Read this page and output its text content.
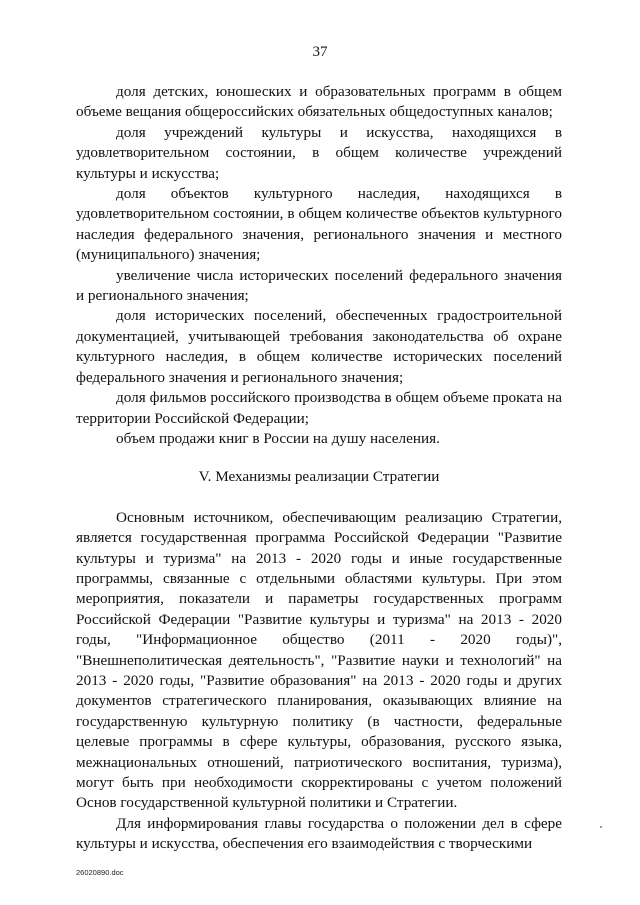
37

доля детских, юношеских и образовательных программ в общем объеме вещания общероссийских обязательных общедоступных каналов;

доля учреждений культуры и искусства, находящихся в удовлетворительном состоянии, в общем количестве учреждений культуры и искусства;

доля объектов культурного наследия, находящихся в удовлетворительном состоянии, в общем количестве объектов культурного наследия федерального значения, регионального значения и местного (муниципального) значения;

увеличение числа исторических поселений федерального значения и регионального значения;

доля исторических поселений, обеспеченных градостроительной документацией, учитывающей требования законодательства об охране культурного наследия, в общем количестве исторических поселений федерального значения и регионального значения;

доля фильмов российского производства в общем объеме проката на территории Российской Федерации;

объем продажи книг в России на душу населения.

V. Механизмы реализации Стратегии

Основным источником, обеспечивающим реализацию Стратегии, является государственная программа Российской Федерации "Развитие культуры и туризма" на 2013 - 2020 годы и иные государственные программы, связанные с отдельными областями культуры. При этом мероприятия, показатели и параметры государственных программ Российской Федерации "Развитие культуры и туризма" на 2013 - 2020 годы, "Информационное общество (2011 - 2020 годы)", "Внешнеполитическая деятельность", "Развитие науки и технологий" на 2013 - 2020 годы, "Развитие образования" на 2013 - 2020 годы и других документов стратегического планирования, оказывающих влияние на государственную культурную политику (в частности, федеральные целевые программы в сфере культуры, образования, русского языка, межнациональных отношений, патриотического воспитания, туризма), могут быть при необходимости скорректированы с учетом положений Основ государственной культурной политики и Стратегии.

Для информирования главы государства о положении дел в сфере культуры и искусства, обеспечения его взаимодействия с творческими

26020890.doc
